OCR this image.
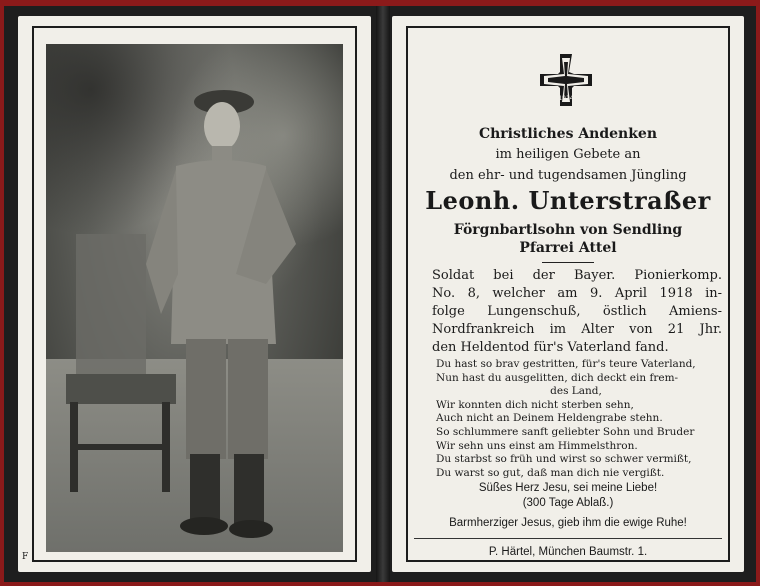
F
1914
Christliches Andenken
im heiligen Gebete an
den ehr- und tugendsamen Jüngling
Leonh. Unterstraßer
Förgnbartlsohn von Sendling
Pfarrei Attel
Soldat bei der Bayer. Pionierkomp.
No. 8, welcher am 9. April 1918 in-
folge Lungenschuß, östlich Amiens-
Nordfrankreich im Alter von 21 Jhr.
den Heldentod für's Vaterland fand.
Du hast so brav gestritten, für's teure Vaterland,
Nun hast du ausgelitten, dich deckt ein frem-
des Land,
Wir konnten dich nicht sterben sehn,
Auch nicht an Deinem Heldengrabe stehn.
So schlummere sanft geliebter Sohn und Bruder
Wir sehn uns einst am Himmelsthron.
Du starbst so früh und wirst so schwer vermißt,
Du warst so gut, daß man dich nie vergißt.
Süßes Herz Jesu, sei meine Liebe!
(300 Tage Ablaß.)
Barmherziger Jesus, gieb ihm die ewige Ruhe!
P. Härtel, München Baumstr. 1.
